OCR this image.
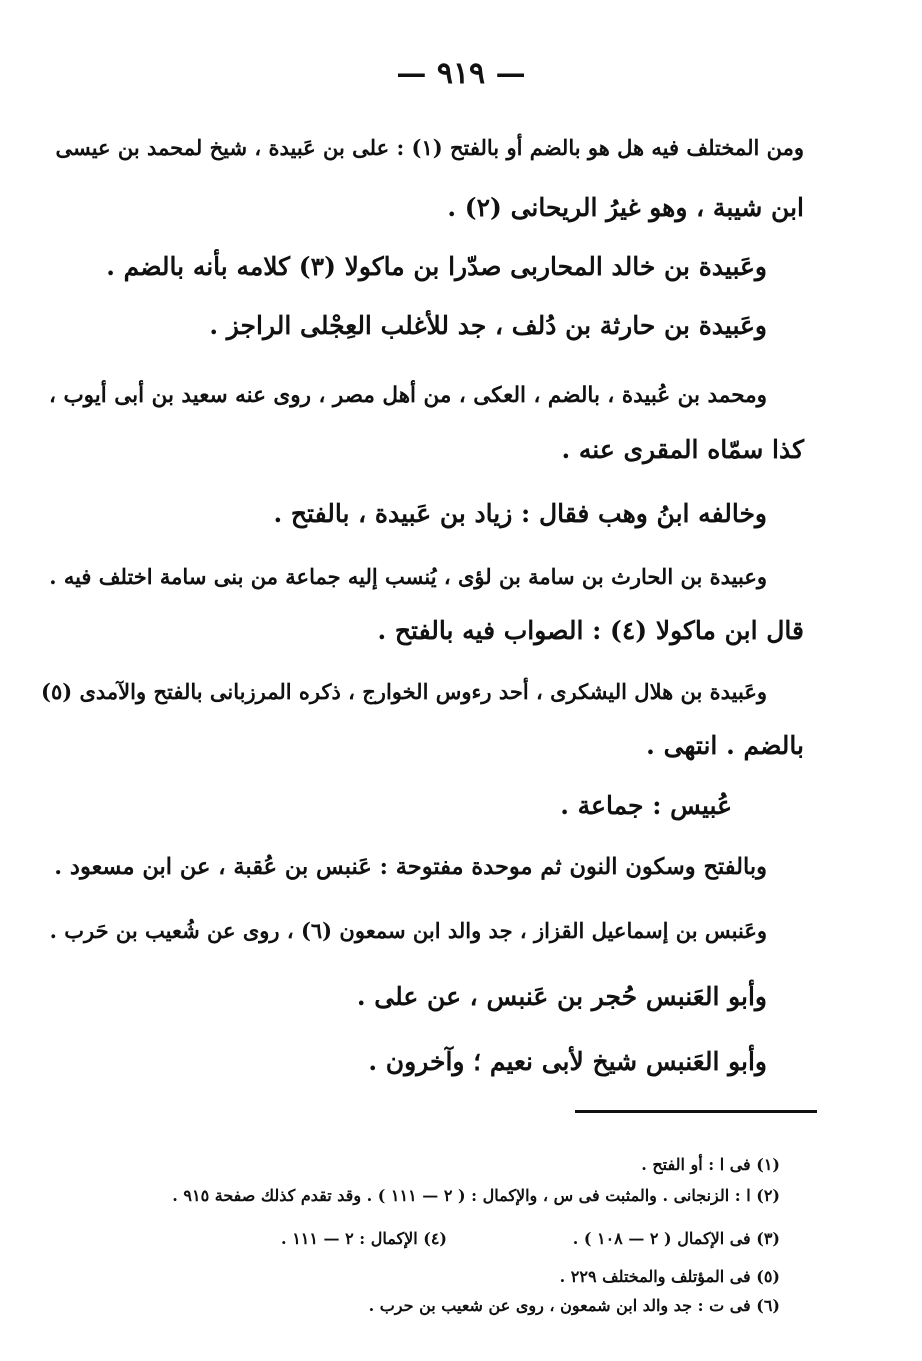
— ٩١٩ —
ومن المختلف فيه هل هو بالضم أو بالفتح (١) : على بن عَبيدة ، شيخ لمحمد بن عيسى
ابن شيبة ، وهو غيرُ الريحانى (٢) .
وعَبيدة بن خالد المحاربى صدّرا بن ماكولا (٣) كلامه بأنه بالضم .
وعَبيدة بن حارثة بن دُلف ، جد للأغلب العِجْلى الراجز .
ومحمد بن عُبيدة ، بالضم ، العكى ، من أهل مصر ، روى عنه سعيد بن أبى أيوب ،
كذا سمّاه المقرى عنه .
وخالفه ابنُ وهب فقال : زياد بن عَبيدة ، بالفتح .
وعبيدة بن الحارث بن سامة بن لؤى ، يُنسب إليه جماعة من بنى سامة اختلف فيه .
قال ابن ماكولا (٤) : الصواب فيه بالفتح .
وعَبيدة بن هلال اليشكرى ، أحد رءوس الخوارج ، ذكره المرزبانى بالفتح والآمدى (٥)
بالضم . انتهى .
عُبيس : جماعة .
وبالفتح وسكون النون ثم موحدة مفتوحة : عَنبس بن عُقبة ، عن ابن مسعود .
وعَنبس بن إسماعيل القزاز ، جد والد ابن سمعون (٦) ، روى عن شُعيب بن حَرب .
وأبو العَنبس حُجر بن عَنبس ، عن على .
وأبو العَنبس شيخ لأبى نعيم ؛ وآخرون .
(١) فى ا : أو الفتح .
(٢) ا : الزنجانى . والمثبت فى س ، والإكمال : ( ٢ — ١١١ ) . وقد تقدم كذلك صفحة ٩١٥ .
(٣) فى الإكمال ( ٢ — ١٠٨ ) .
(٤) الإكمال : ٢ — ١١١ .
(٥) فى المؤتلف والمختلف ٢٢٩ .
(٦) فى ت : جد والد ابن شمعون ، روى عن شعيب بن حرب .
